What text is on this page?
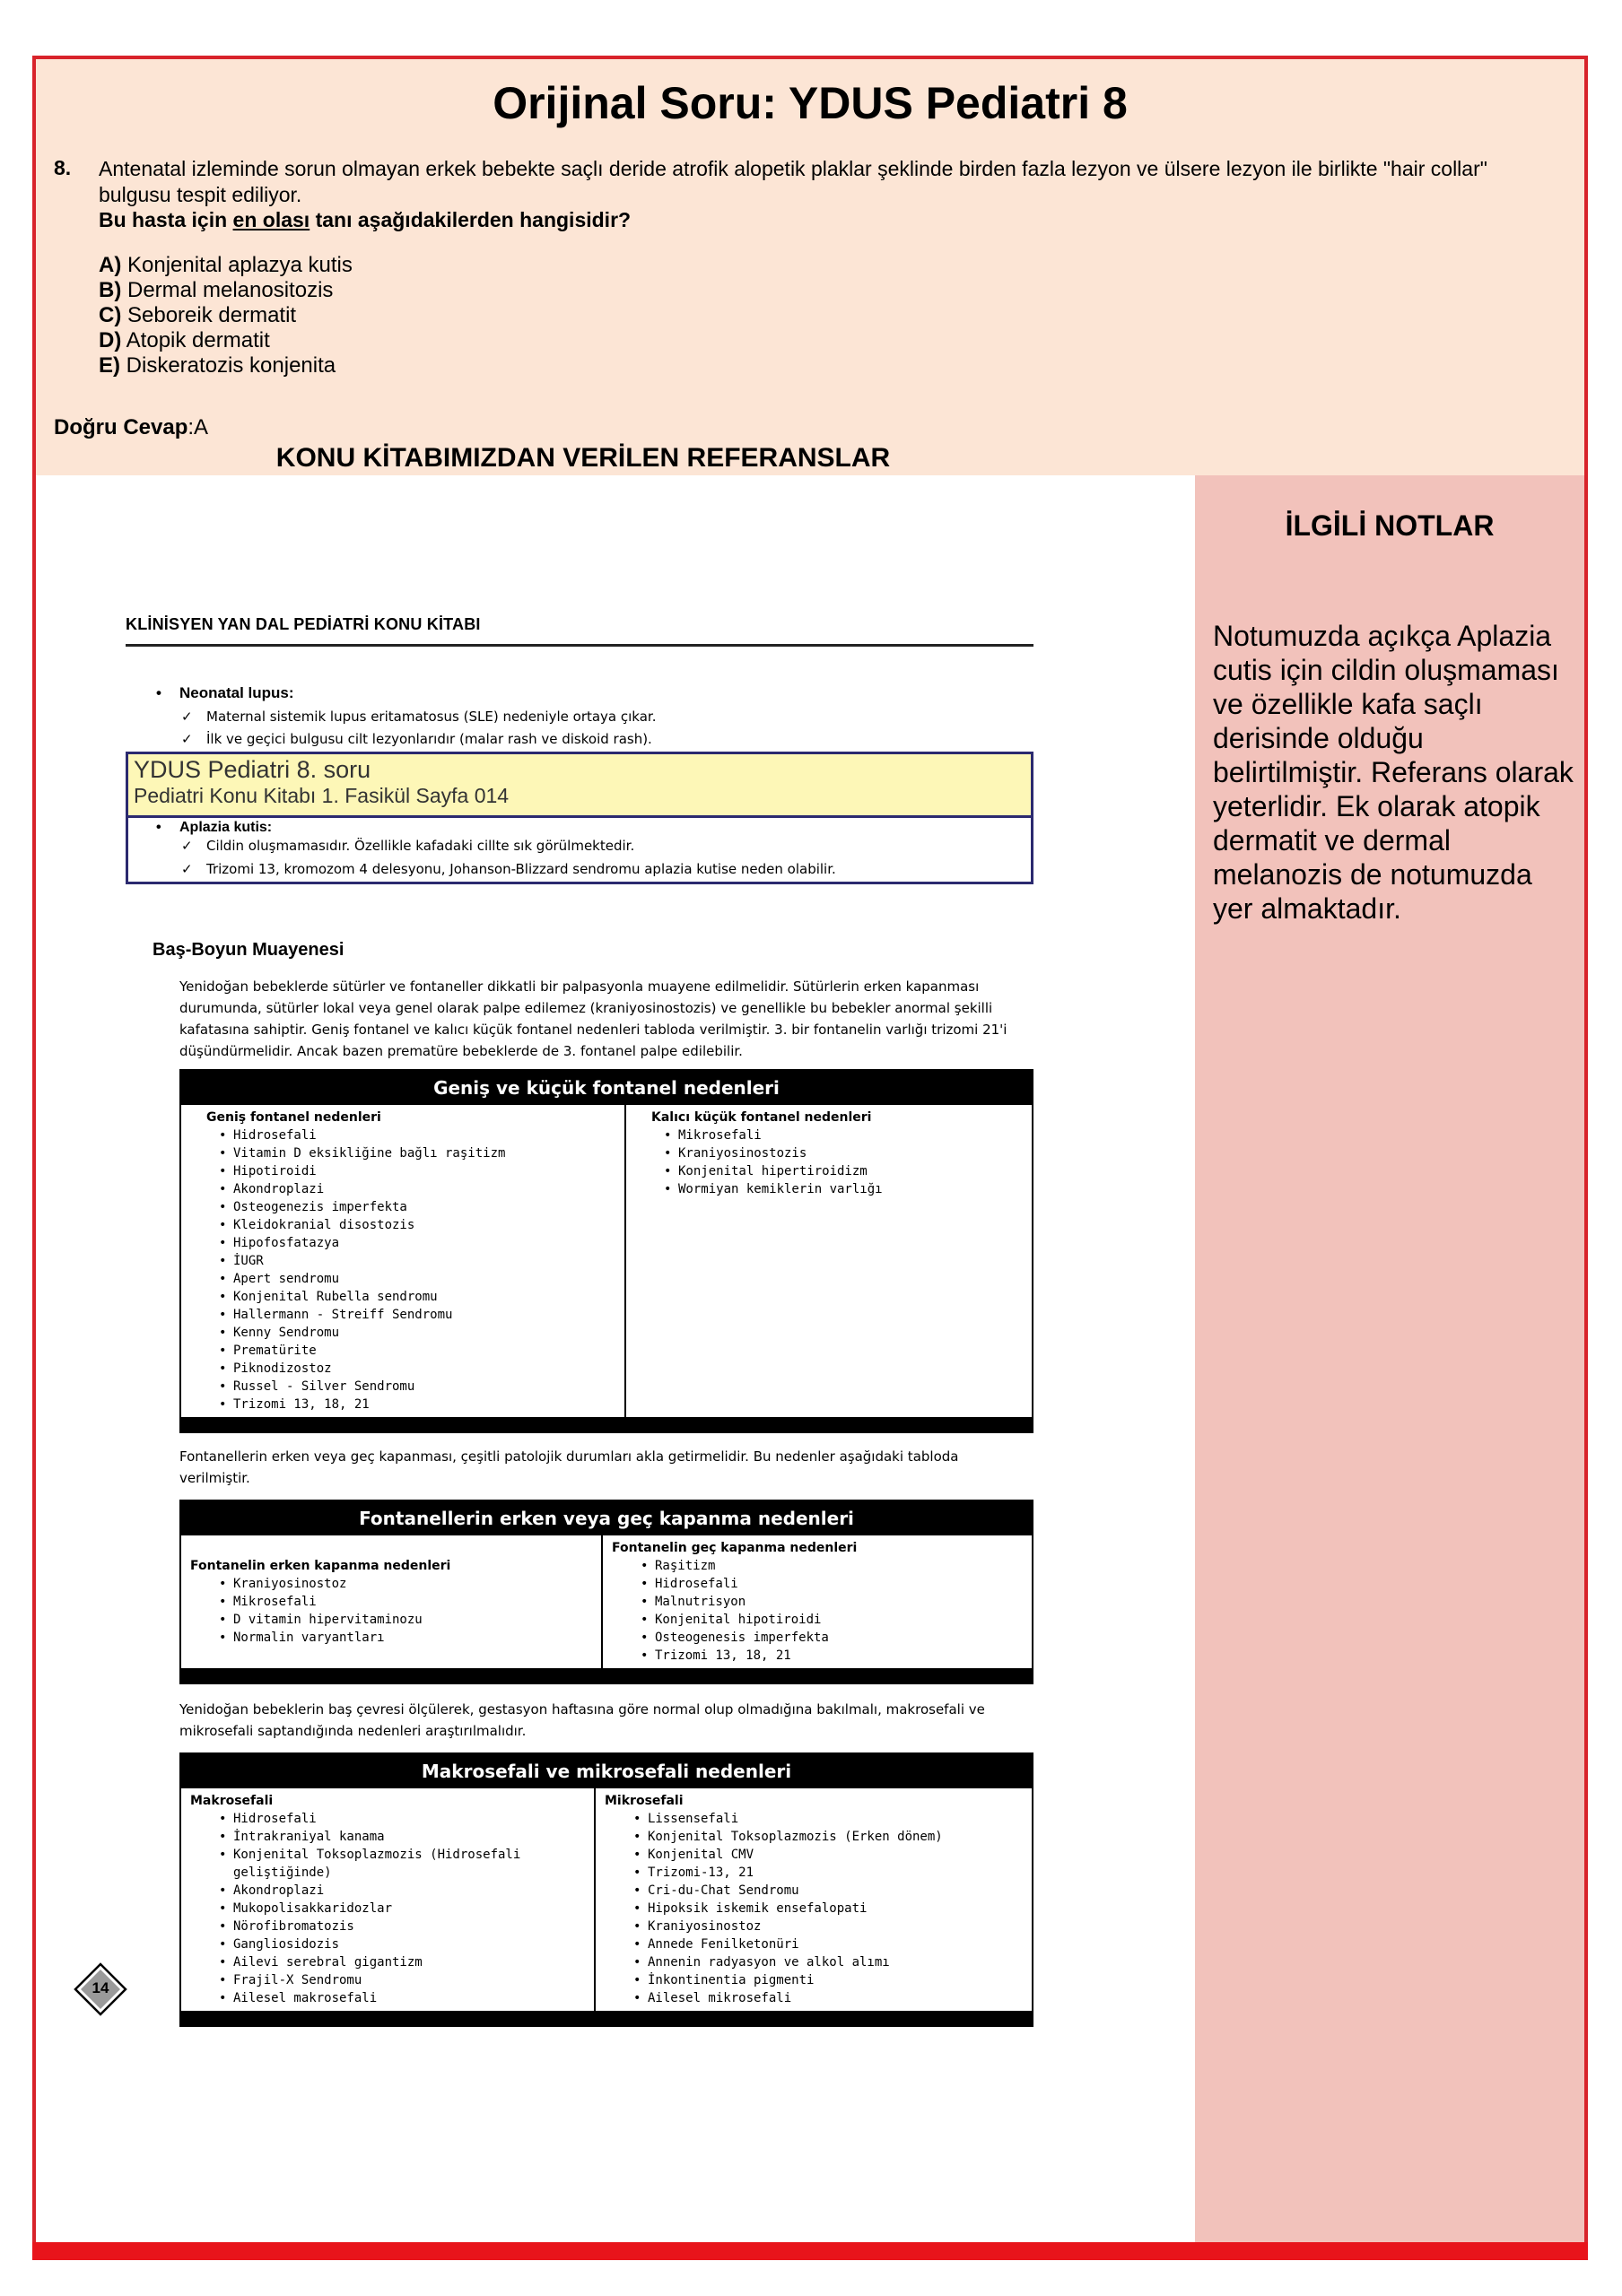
Orijinal Soru: YDUS Pediatri 8
8. Antenatal izleminde sorun olmayan erkek bebekte saçlı deride atrofik alopetik plaklar şeklinde birden fazla lezyon ve ülsere lezyon ile birlikte "hair collar" bulgusu tespit ediliyor.
Bu hasta için en olası tanı aşağıdakilerden hangisidir?
A) Konjenital aplazya kutis
B) Dermal melanositozis
C) Seboreik dermatit
D) Atopik dermatit
E) Diskeratozis konjenita
Doğru Cevap:A
İLGİLİ NOTLAR
Notumuzda açıkça Aplazia cutis için cildin oluşmaması ve özellikle kafa saçlı derisinde olduğu belirtilmiştir. Referans olarak yeterlidir. Ek olarak atopik dermatit ve dermal melanozis de notumuzda yer almaktadır.
KONU KİTABIMIZDAN VERİLEN REFERANSLAR
KLİNİSYEN YAN DAL PEDİATRİ KONU KİTABI
• Neonatal lupus:
✓ Maternal sistemik lupus eritamatosus (SLE) nedeniyle ortaya çıkar.
✓ İlk ve geçici bulgusu cilt lezyonlarıdır (malar rash ve diskoid rash).
YDUS Pediatri 8. soru
Pediatri Konu Kitabı 1. Fasikül Sayfa 014
• Aplazia kutis:
✓ Cildin oluşmamasıdır. Özellikle kafadaki cillte sık görülmektedir.
✓ Trizomi 13, kromozom 4 delesyonu, Johanson-Blizzard sendromu aplazia kutise neden olabilir.
Baş-Boyun Muayenesi
Yenidoğan bebeklerde sütürler ve fontaneller dikkatli bir palpasyonla muayene edilmelidir. Sütürlerin erken kapanması durumunda, sütürler lokal veya genel olarak palpe edilemez (kraniyosinostozis) ve genellikle bu bebekler anormal şekilli kafatasına sahiptir. Geniş fontanel ve kalıcı küçük fontanel nedenleri tabloda verilmiştir. 3. bir fontanelin varlığı trizomi 21'i düşündürmelidir. Ancak bazen prematüre bebeklerde de 3. fontanel palpe edilebilir.
Geniş ve küçük fontanel nedenleri
Geniş fontanel nedenleri
• Hidrosefali
• Vitamin D eksikliğine bağlı raşitizm
• Hipotiroidi
• Akondroplazi
• Osteogenezis imperfekta
• Kleidokranial disostozis
• Hipofosfatazya
• İUGR
• Apert sendromu
• Konjenital Rubella sendromu
• Hallermann - Streiff Sendromu
• Kenny Sendromu
• Prematürite
• Piknodizostoz
• Russel - Silver Sendromu
• Trizomi 13, 18, 21
Kalıcı küçük fontanel nedenleri
• Mikrosefali
• Kraniyosinostozis
• Konjenital hipertiroidizm
• Wormiyan kemiklerin varlığı
Fontanellerin erken veya geç kapanması, çeşitli patolojik durumları akla getirmelidir. Bu nedenler aşağıdaki tabloda verilmiştir.
Fontanellerin erken veya geç kapanma nedenleri
Fontanelin erken kapanma nedenleri
• Kraniyosinostoz
• Mikrosefali
• D vitamin hipervitaminozu
• Normalin varyantları
Fontanelin geç kapanma nedenleri
• Raşitizm
• Hidrosefali
• Malnutrisyon
• Konjenital hipotiroidi
• Osteogenesis imperfekta
• Trizomi 13, 18, 21
Yenidoğan bebeklerin baş çevresi ölçülerek, gestasyon haftasına göre normal olup olmadığına bakılmalı, makrosefali ve mikrosefali saptandığında nedenleri araştırılmalıdır.
Makrosefali ve mikrosefali nedenleri
Makrosefali
• Hidrosefali
• İntrakraniyal kanama
• Konjenital Toksoplazmozis (Hidrosefali geliştiğinde)
• Akondroplazi
• Mukopolisakkaridozlar
• Nörofibromatozis
• Gangliosidozis
• Ailevi serebral gigantizm
• Frajil-X Sendromu
• Ailesel makrosefali
Mikrosefali
• Lissensefali
• Konjenital Toksoplazmozis (Erken dönem)
• Konjenital CMV
• Trizomi-13, 21
• Cri-du-Chat Sendromu
• Hipoksik iskemik ensefalopati
• Kraniyosinostoz
• Annede Fenilketonüri
• Annenin radyasyon ve alkol alımı
• İnkontinentia pigmenti
• Ailesel mikrosefali
14
